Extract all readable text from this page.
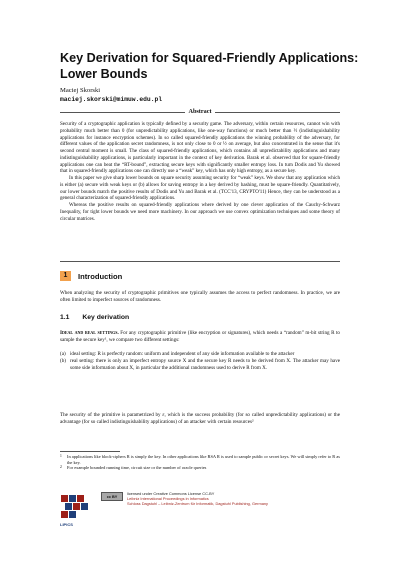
Key Derivation for Squared-Friendly Applications:
Lower Bounds
Maciej Skorski
maciej.skorski@mimuw.edu.pl
Abstract

Security of a cryptographic application is typically defined by a security game. The adversary, within certain resources, cannot win with probability much better than 0 (for unpredictability applications, like one-way functions) or much better than ½ (indistinguishability applications for instance encryption schemes). In so called squared-friendly applications the winning probability of the adversary, for different values of the application secret randomness, is not only close to 0 or ½ on average, but also concentrated in the sense that it's second central moment is small. The class of squared-friendly applications, which contains all unpredictability applications and many indistinguishability applications, is particularly important in the context of key derivation. Barak et al. observed that for square-friendly applications one can beat the “RT-bound”, extracting secure keys with significantly smaller entropy loss. In turn Dodis and Yu showed that in squared-friendly applications one can directly use a “weak” key, which has only high entropy, as a secure key.

In this paper we give sharp lower bounds on square security assuming security for “weak” keys. We show that any application which is either (a) secure with weak keys or (b) allows for saving entropy in a key derived by hashing, must be square-friendly. Quantitatively, our lower bounds match the positive results of Dodis and Yu and Barak et al. (TCC'13, CRYPTO'11) Hence, they can be understood as a general characterization of squared-friendly applications.

Whereas the positive results on squared-friendly applications where derived by one clever application of the Cauchy-Schwarz Inequality, for tight lower bounds we need more machinery. In our approach we use convex optimization techniques and some theory of circular matrices.

1	Introduction

When analyzing the security of cryptographic primitives one typically assumes the access to perfect randomness. In practice, we are often limited to imperfect sources of randomness.

1.1 Key derivation

Ideal and real settings. For any cryptographic primitive (like encryption or signatures), which needs a “random” m-bit string R to sample the secure key¹, we compare two different settings:

(a) ideal setting: R is perfectly random: uniform and independent of any side information available to the attacker
(b) real setting: there is only an imperfect entropy source X and the secure key R needs to be derived from X. The attacker may have some side information about X, in particular the additional randomness used to derive R from X.

The security of the primitive is parametrized by ε, which is the success probability (for so called unpredictability applications) or the advantage (for so called indistinguishability applications) of an attacker with certain resources²

1	In applications like block-ciphers R is simply the key. In other applications like RSA R is used to sample public or secret keys. We will simply refer to R as the key.
2	For example bounded running time, circuit size or the number of oracle queries
LIPICS
cc BY
licensed under Creative Commons License CC-BY
Leibniz International Proceedings in Informatics
Schloss Dagstuhl – Leibniz-Zentrum für Informatik, Dagstuhl Publishing, Germany
